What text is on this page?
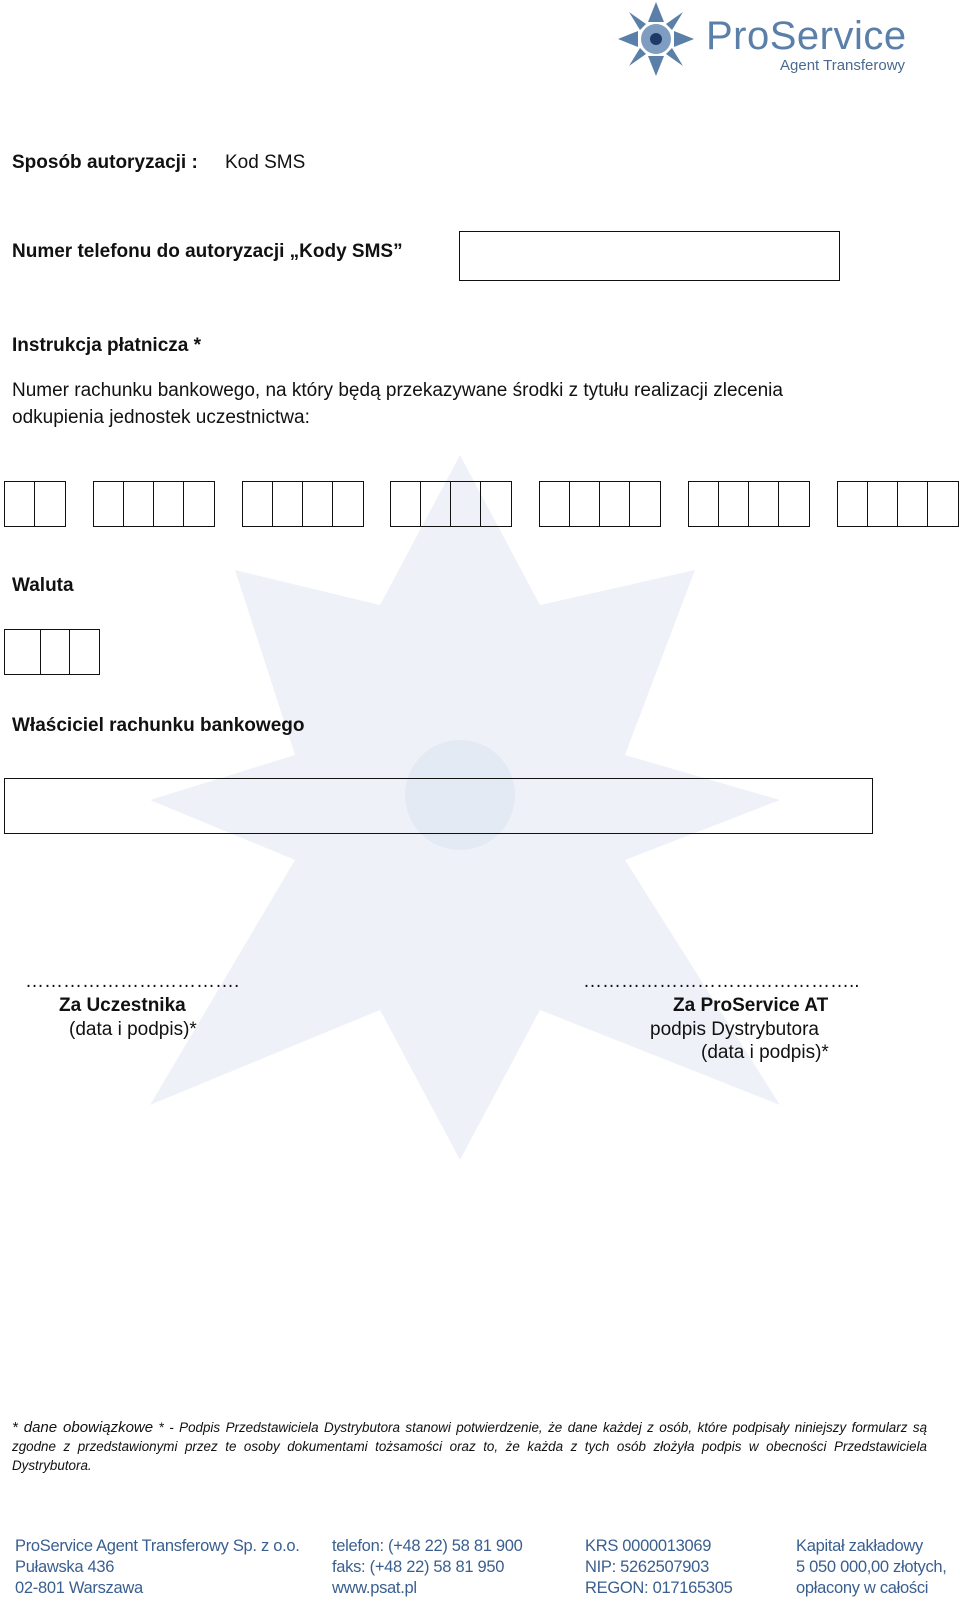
ProService
Agent Transferowy
Sposób autoryzacji : Kod SMS
Numer telefonu do autoryzacji „Kody SMS”
Instrukcja płatnicza *
Numer rachunku bankowego, na który będą przekazywane środki z tytułu realizacji zlecenia
odkupienia jednostek uczestnictwa:
Waluta
Właściciel rachunku bankowego
…………………………….
Za Uczestnika
(data i podpis)*
……………………………………..
Za ProService AT
podpis Dystrybutora
(data i podpis)*
* dane obowiązkowe * - Podpis Przedstawiciela Dystrybutora stanowi potwierdzenie, że dane każdej z osób, które podpisały niniejszy formularz są zgodne z przedstawionymi przez te osoby dokumentami tożsamości oraz to, że każda z tych osób złożyła podpis w obecności Przedstawiciela Dystrybutora.
ProService Agent Transferowy Sp. z o.o.
Puławska 436
02-801 Warszawa
telefon: (+48 22) 58 81 900
faks: (+48 22) 58 81 950
www.psat.pl
KRS 0000013069
NIP: 5262507903
REGON: 017165305
Kapitał zakładowy
5 050 000,00 złotych,
opłacony w całości
